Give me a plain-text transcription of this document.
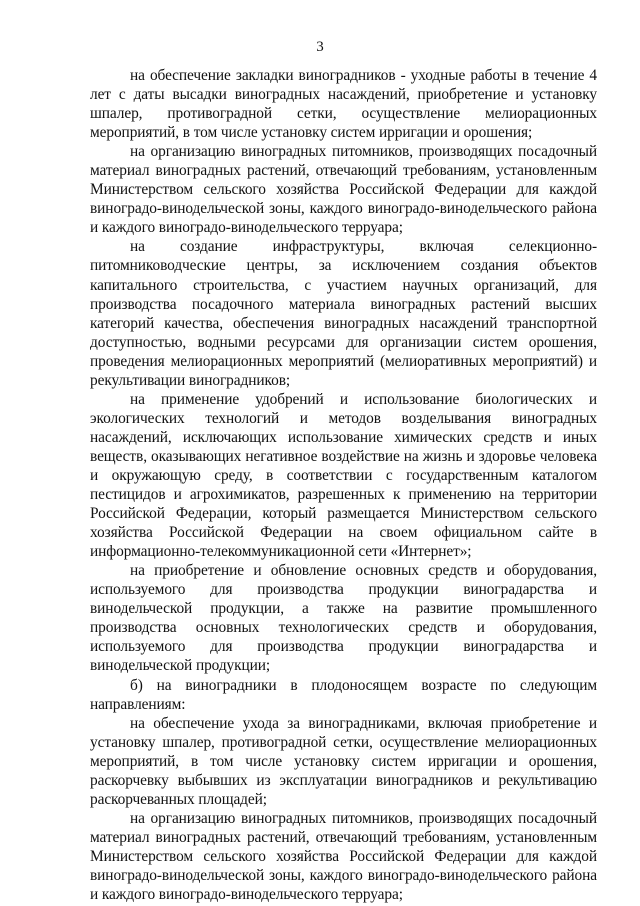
3

на обеспечение закладки виноградников - уходные работы в течение 4 лет с даты высадки виноградных насаждений, приобретение и установку шпалер, противоградной сетки, осуществление мелиорационных мероприятий, в том числе установку систем ирригации и орошения;

на организацию виноградных питомников, производящих посадочный материал виноградных растений, отвечающий требованиям, установленным Министерством сельского хозяйства Российской Федерации для каждой виноградо-винодельческой зоны, каждого виноградо-винодельческого района и каждого виноградо-винодельческого терруара;

на создание инфраструктуры, включая селекционно-питомниководческие центры, за исключением создания объектов капитального строительства, с участием научных организаций, для производства посадочного материала виноградных растений высших категорий качества, обеспечения виноградных насаждений транспортной доступностью, водными ресурсами для организации систем орошения, проведения мелиорационных мероприятий (мелиоративных мероприятий) и рекультивации виноградников;

на применение удобрений и использование биологических и экологических технологий и методов возделывания виноградных насаждений, исключающих использование химических средств и иных веществ, оказывающих негативное воздействие на жизнь и здоровье человека и окружающую среду, в соответствии с государственным каталогом пестицидов и агрохимикатов, разрешенных к применению на территории Российской Федерации, который размещается Министерством сельского хозяйства Российской Федерации на своем официальном сайте в информационно-телекоммуникационной сети «Интернет»;

на приобретение и обновление основных средств и оборудования, используемого для производства продукции виноградарства и винодельческой продукции, а также на развитие промышленного производства основных технологических средств и оборудования, используемого для производства продукции виноградарства и винодельческой продукции;

б) на виноградники в плодоносящем возрасте по следующим направлениям:

на обеспечение ухода за виноградниками, включая приобретение и установку шпалер, противоградной сетки, осуществление мелиорационных мероприятий, в том числе установку систем ирригации и орошения, раскорчевку выбывших из эксплуатации виноградников и рекультивацию раскорчеванных площадей;

на организацию виноградных питомников, производящих посадочный материал виноградных растений, отвечающий требованиям, установленным Министерством сельского хозяйства Российской Федерации для каждой виноградо-винодельческой зоны, каждого виноградо-винодельческого района и каждого виноградо-винодельческого терруара;
